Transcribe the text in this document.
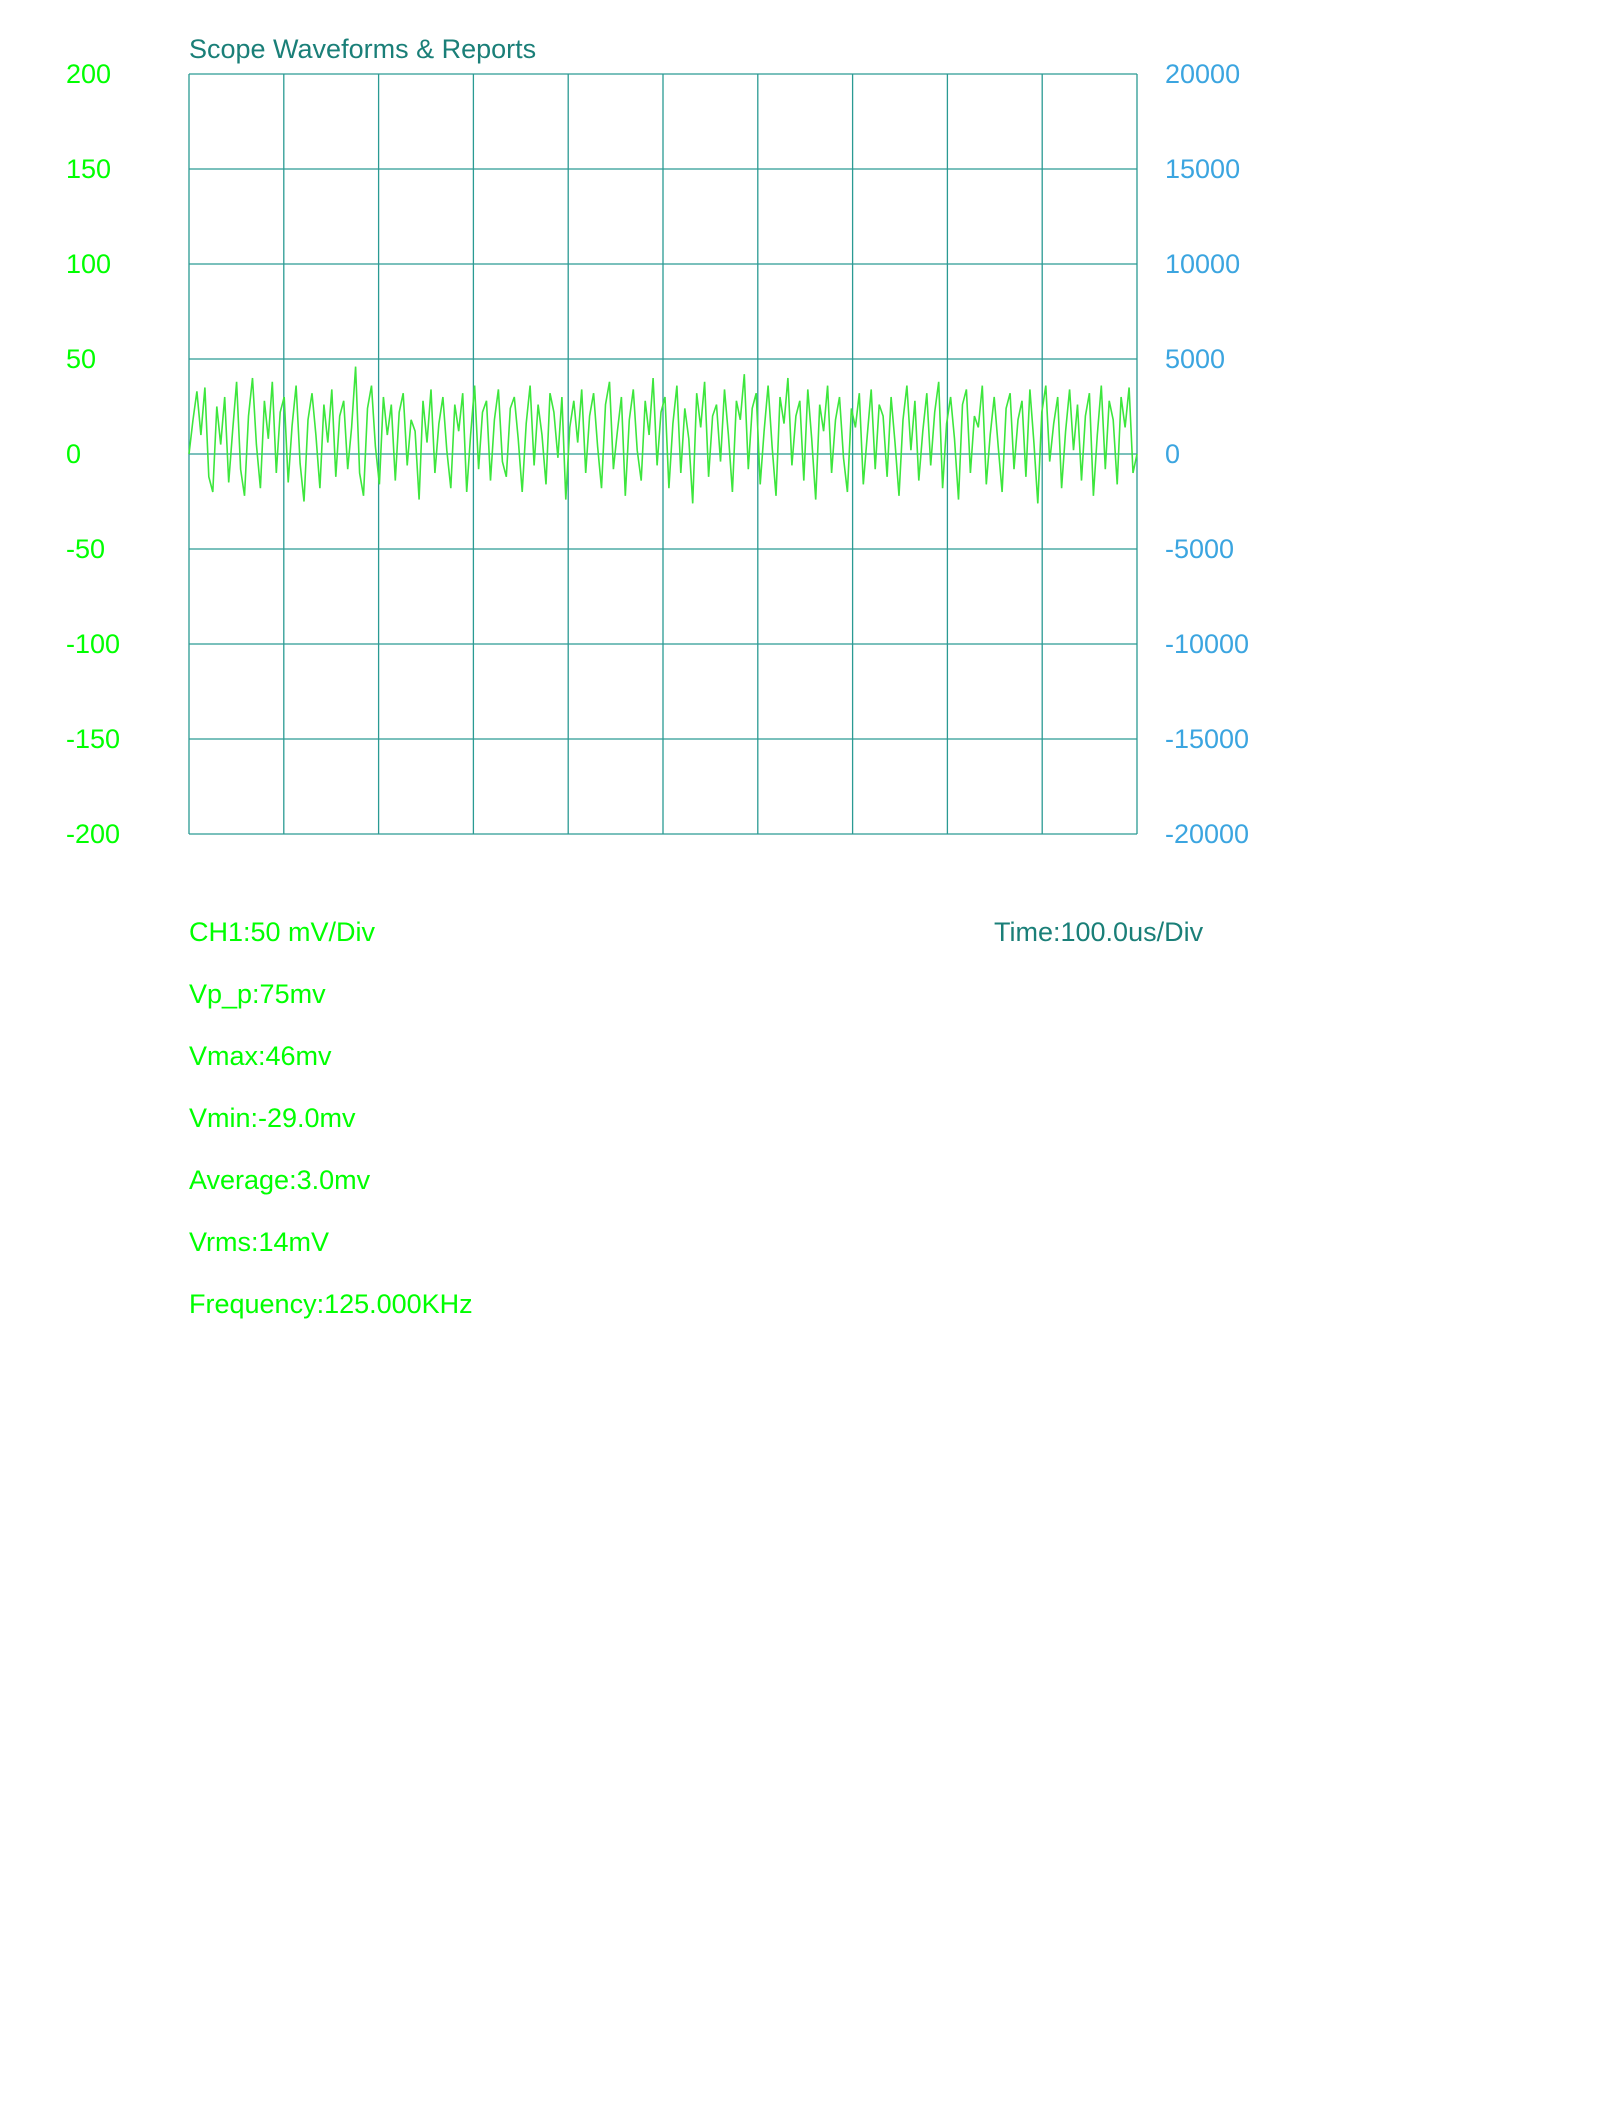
Scope Waveforms & Reports
200
150
100
50
0
-50
-100
-150
-200
20000
15000
10000
5000
0
-5000
-10000
-15000
-20000
CH1:50 mV/Div
Vp_p:75mv
Vmax:46mv
Vmin:-29.0mv
Average:3.0mv
Vrms:14mV
Frequency:125.000KHz
Time:100.0us/Div
